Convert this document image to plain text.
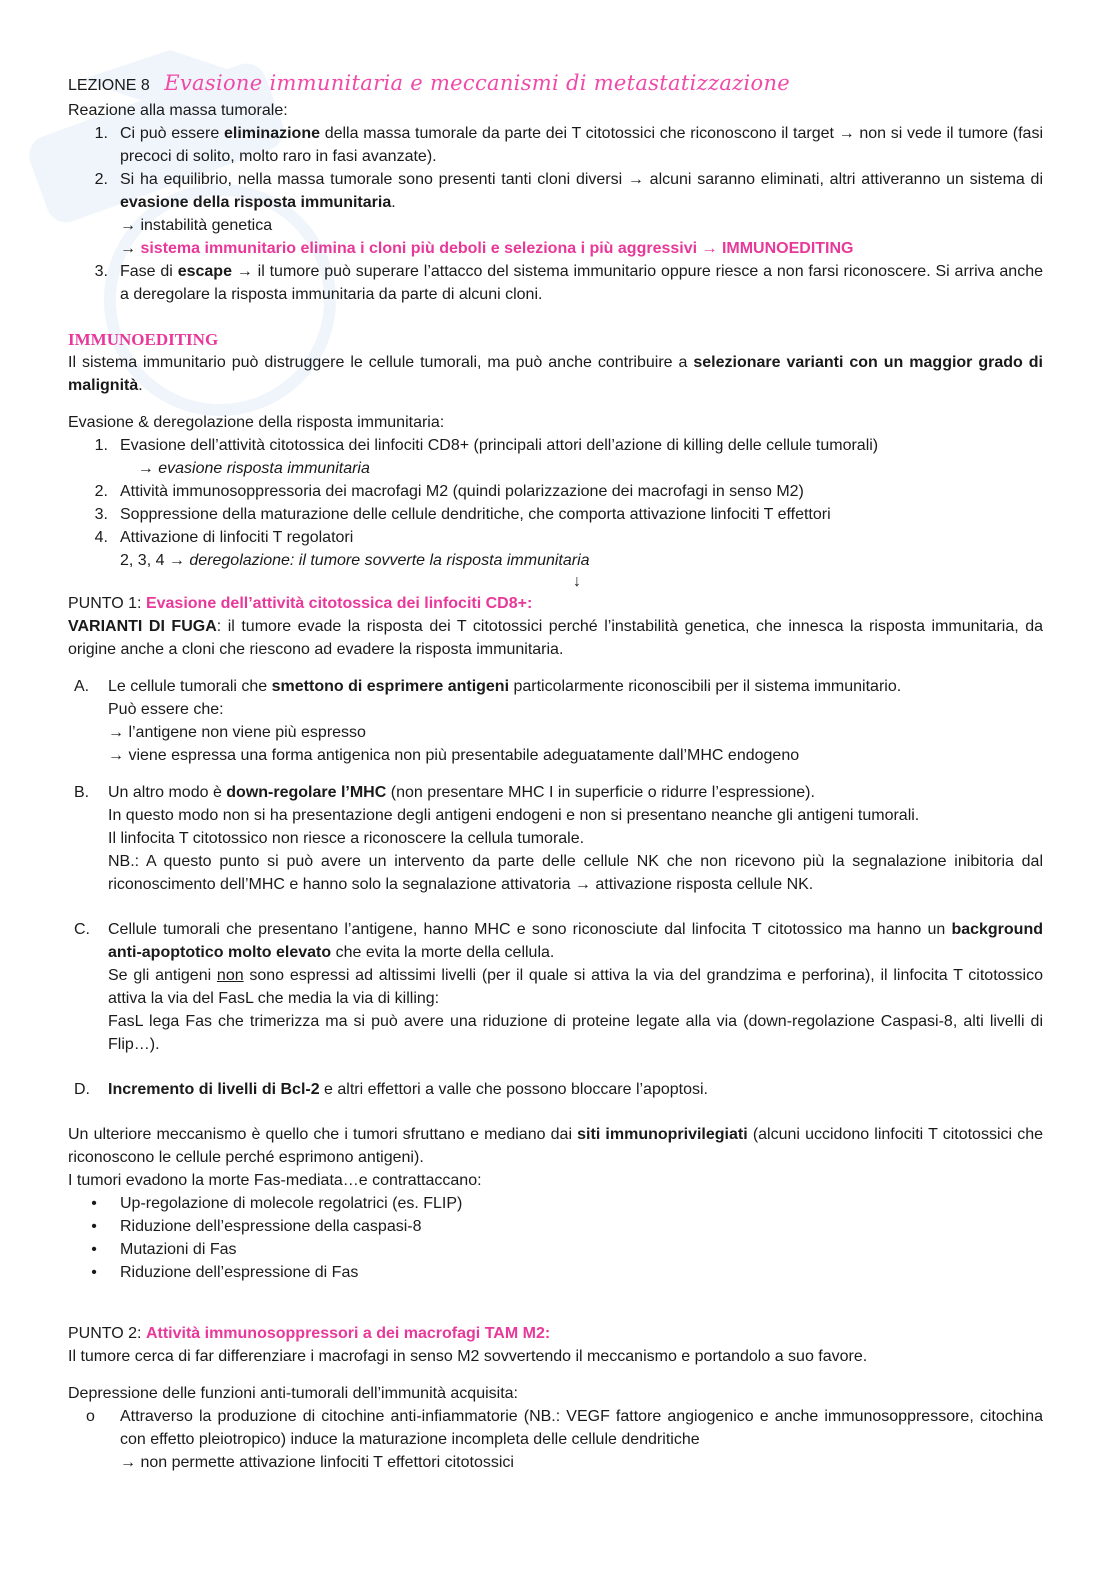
LEZIONE 8 Evasione immunitaria e meccanismi di metastatizzazione

Reazione alla massa tumorale:

1. Ci può essere eliminazione della massa tumorale da parte dei T citotossici che riconoscono il target → non si vede il tumore (fasi precoci di solito, molto raro in fasi avanzate).
2. Si ha equilibrio, nella massa tumorale sono presenti tanti cloni diversi → alcuni saranno eliminati, altri attiveranno un sistema di evasione della risposta immunitaria.

→ instabilità genetica

→ sistema immunitario elimina i cloni più deboli e seleziona i più aggressivi → IMMUNOEDITING

3. Fase di escape → il tumore può superare l’attacco del sistema immunitario oppure riesce a non farsi riconoscere. Si arriva anche a deregolare la risposta immunitaria da parte di alcuni cloni.

IMMUNOEDITING

Il sistema immunitario può distruggere le cellule tumorali, ma può anche contribuire a selezionare varianti con un maggior grado di malignità.

Evasione & deregolazione della risposta immunitaria:

1. Evasione dell’attività citotossica dei linfociti CD8+ (principali attori dell’azione di killing delle cellule tumorali)

→ evasione risposta immunitaria

2. Attività immunosoppressoria dei macrofagi M2 (quindi polarizzazione dei macrofagi in senso M2)
3. Soppressione della maturazione delle cellule dendritiche, che comporta attivazione linfociti T effettori
4. Attivazione di linfociti T regolatori

2, 3, 4 → deregolazione: il tumore sovverte la risposta immunitaria

↓

PUNTO 1: Evasione dell’attività citotossica dei linfociti CD8+:

VARIANTI DI FUGA: il tumore evade la risposta dei T citotossici perché l’instabilità genetica, che innesca la risposta immunitaria, da origine anche a cloni che riescono ad evadere la risposta immunitaria.

A.	Le cellule tumorali che smettono di esprimere antigeni particolarmente riconoscibili per il sistema immunitario.

Può essere che:

→ l’antigene non viene più espresso

→ viene espressa una forma antigenica non più presentabile adeguatamente dall’MHC endogeno

B.	Un altro modo è down-regolare l’MHC (non presentare MHC I in superficie o ridurre l’espressione).

In questo modo non si ha presentazione degli antigeni endogeni e non si presentano neanche gli antigeni tumorali.

Il linfocita T citotossico non riesce a riconoscere la cellula tumorale.

NB.: A questo punto si può avere un intervento da parte delle cellule NK che non ricevono più la segnalazione inibitoria dal riconoscimento dell’MHC e hanno solo la segnalazione attivatoria → attivazione risposta cellule NK.

C.	Cellule tumorali che presentano l’antigene, hanno MHC e sono riconosciute dal linfocita T citotossico ma hanno un background anti-apoptotico molto elevato che evita la morte della cellula.

Se gli antigeni non sono espressi ad altissimi livelli (per il quale si attiva la via del grandzima e perforina), il linfocita T citotossico attiva la via del FasL che media la via di killing:

FasL lega Fas che trimerizza ma si può avere una riduzione di proteine legate alla via (down-regolazione Caspasi-8, alti livelli di Flip…).

D.	Incremento di livelli di Bcl-2 e altri effettori a valle che possono bloccare l’apoptosi.

Un ulteriore meccanismo è quello che i tumori sfruttano e mediano dai siti immunoprivilegiati (alcuni uccidono linfociti T citotossici che riconoscono le cellule perché esprimono antigeni).

I tumori evadono la morte Fas-mediata…e contrattaccano:

•	Up-regolazione di molecole regolatrici (es. FLIP)
•	Riduzione dell’espressione della caspasi-8
•	Mutazioni di Fas
•	Riduzione dell’espressione di Fas

PUNTO 2: Attività immunosoppressori a dei macrofagi TAM M2:

Il tumore cerca di far differenziare i macrofagi in senso M2 sovvertendo il meccanismo e portandolo a suo favore.

Depressione delle funzioni anti-tumorali dell’immunità acquisita:

o	Attraverso la produzione di citochine anti-infiammatorie (NB.: VEGF fattore angiogenico e anche immunosoppressore, citochina con effetto pleiotropico) induce la maturazione incompleta delle cellule dendritiche

→ non permette attivazione linfociti T effettori citotossici
